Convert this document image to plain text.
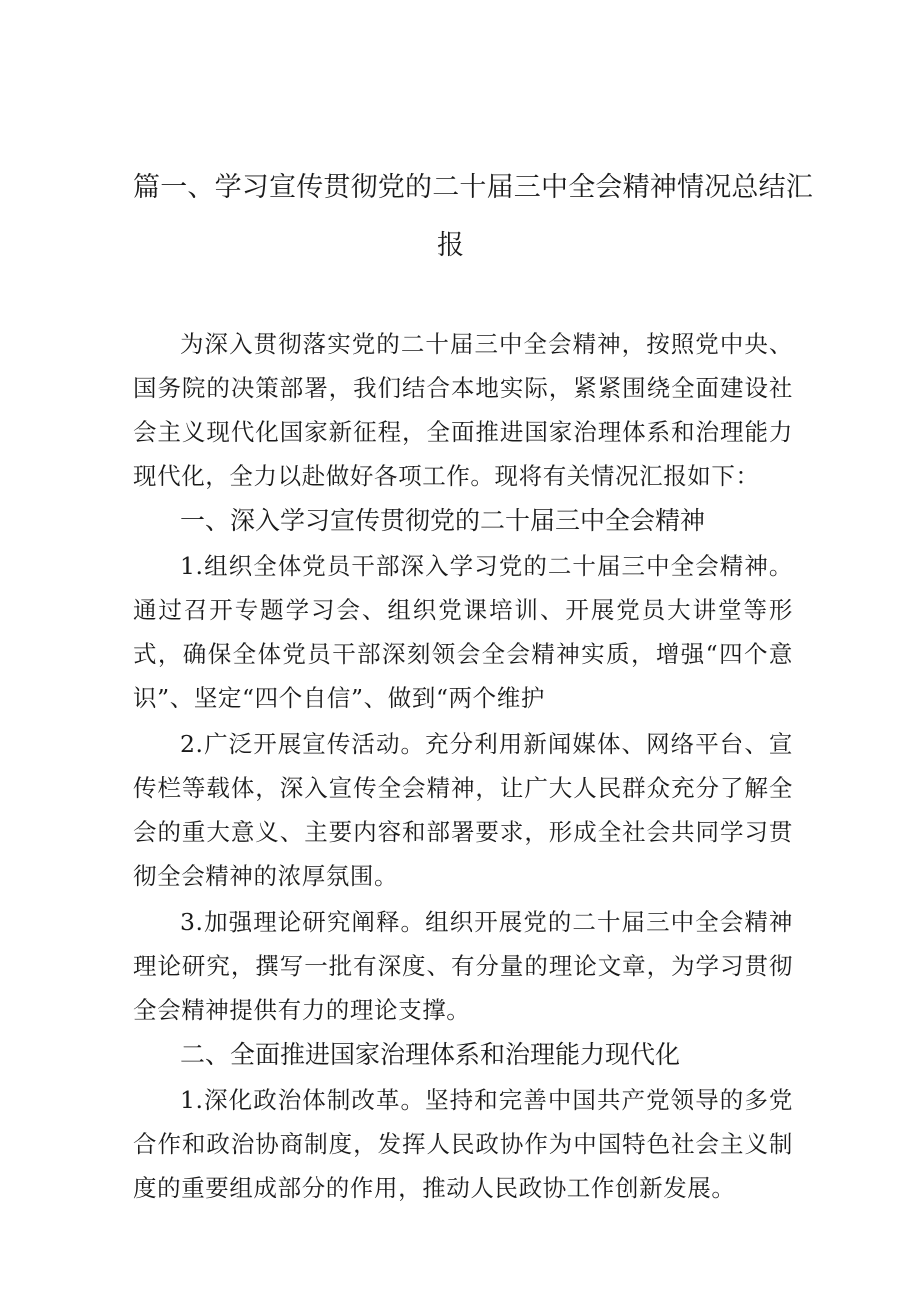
篇一、学习宣传贯彻党的二十届三中全会精神情况总结汇
报

为深入贯彻落实党的二十届三中全会精神，按照党中央、国务院的决策部署，我们结合本地实际，紧紧围绕全面建设社会主义现代化国家新征程，全面推进国家治理体系和治理能力现代化，全力以赴做好各项工作。现将有关情况汇报如下：

一、深入学习宣传贯彻党的二十届三中全会精神

1.组织全体党员干部深入学习党的二十届三中全会精神。通过召开专题学习会、组织党课培训、开展党员大讲堂等形式，确保全体党员干部深刻领会全会精神实质，增强“四个意识”、坚定“四个自信”、做到“两个维护

2.广泛开展宣传活动。充分利用新闻媒体、网络平台、宣传栏等载体，深入宣传全会精神，让广大人民群众充分了解全会的重大意义、主要内容和部署要求，形成全社会共同学习贯彻全会精神的浓厚氛围。

3.加强理论研究阐释。组织开展党的二十届三中全会精神理论研究，撰写一批有深度、有分量的理论文章，为学习贯彻全会精神提供有力的理论支撑。

二、全面推进国家治理体系和治理能力现代化

1.深化政治体制改革。坚持和完善中国共产党领导的多党合作和政治协商制度，发挥人民政协作为中国特色社会主义制度的重要组成部分的作用，推动人民政协工作创新发展。
